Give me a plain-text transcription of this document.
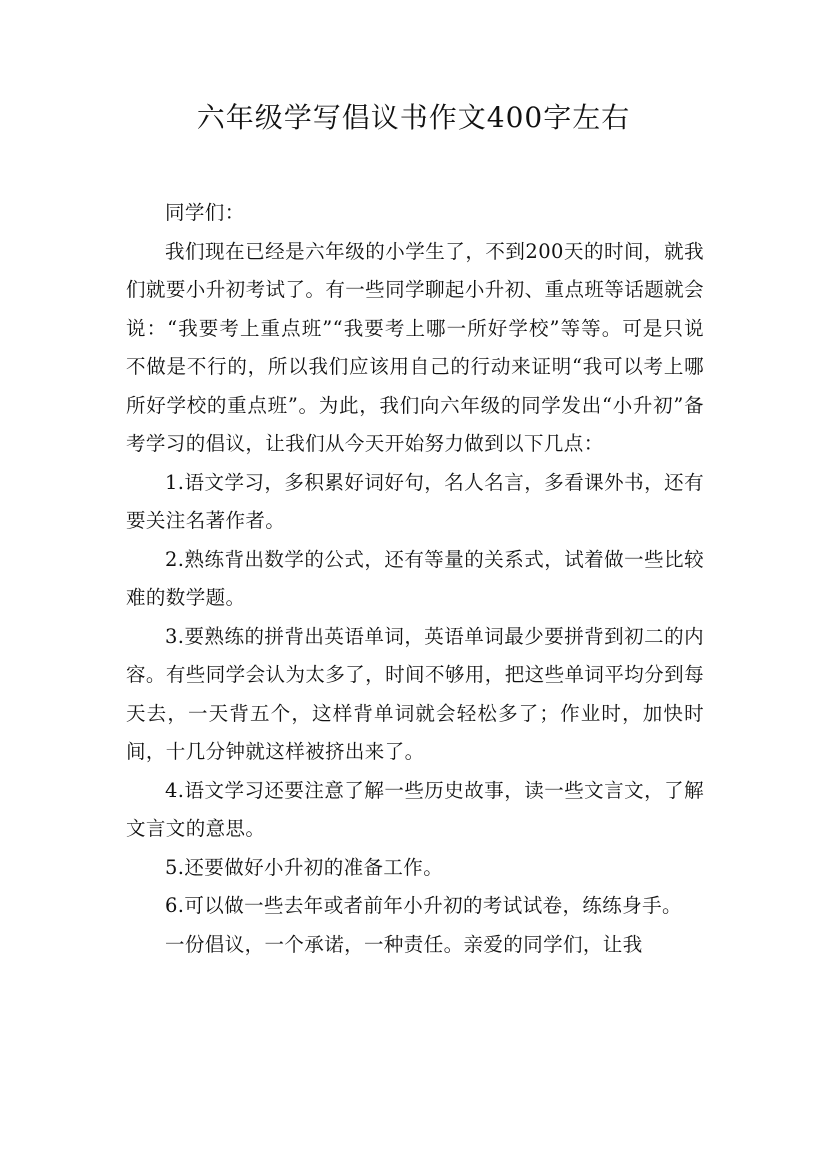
六年级学写倡议书作文400字左右

同学们：

我们现在已经是六年级的小学生了，不到200天的时间，就我们就要小升初考试了。有一些同学聊起小升初、重点班等话题就会说：“我要考上重点班”“我要考上哪一所好学校”等等。可是只说不做是不行的，所以我们应该用自己的行动来证明“我可以考上哪所好学校的重点班”。为此，我们向六年级的同学发出“小升初”备考学习的倡议，让我们从今天开始努力做到以下几点：

1.语文学习，多积累好词好句，名人名言，多看课外书，还有要关注名著作者。

2.熟练背出数学的公式，还有等量的关系式，试着做一些比较难的数学题。

3.要熟练的拼背出英语单词，英语单词最少要拼背到初二的内容。有些同学会认为太多了，时间不够用，把这些单词平均分到每天去，一天背五个，这样背单词就会轻松多了；作业时，加快时间，十几分钟就这样被挤出来了。

4.语文学习还要注意了解一些历史故事，读一些文言文，了解文言文的意思。

5.还要做好小升初的准备工作。

6.可以做一些去年或者前年小升初的考试试卷，练练身手。

一份倡议，一个承诺，一种责任。亲爱的同学们，让我
